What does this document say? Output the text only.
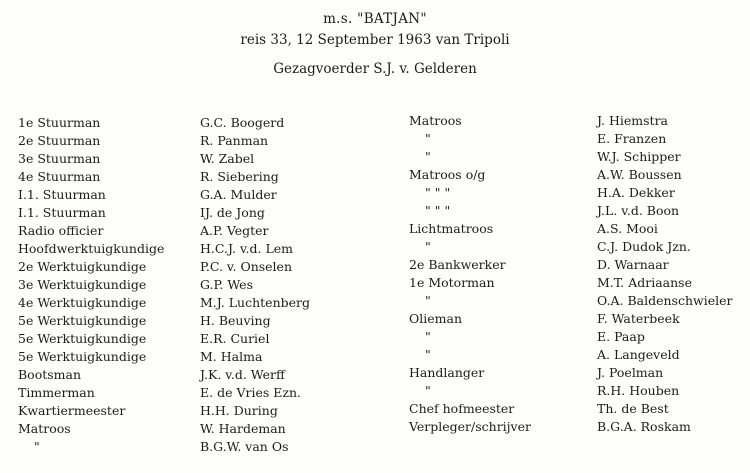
m.s. "BATJAN"
reis 33, 12 September 1963 van Tripoli
Gezagvoerder S.J. v. Gelderen
1e Stuurman
2e Stuurman
3e Stuurman
4e Stuurman
I.1. Stuurman
I.1. Stuurman
Radio officier
Hoofdwerktuigkundige
2e Werktuigkundige
3e Werktuigkundige
4e Werktuigkundige
5e Werktuigkundige
5e Werktuigkundige
5e Werktuigkundige
Bootsman
Timmerman
Kwartiermeester
Matroos
"
G.C. Boogerd
R. Panman
W. Zabel
R. Siebering
G.A. Mulder
IJ. de Jong
A.P. Vegter
H.C.J. v.d. Lem
P.C. v. Onselen
G.P. Wes
M.J. Luchtenberg
H. Beuving
E.R. Curiel
M. Halma
J.K. v.d. Werff
E. de Vries Ezn.
H.H. During
W. Hardeman
B.G.W. van Os
Matroos
"
"
Matroos o/g
" " "
" " "
Lichtmatroos
"
2e Bankwerker
1e Motorman
"
Olieman
"
"
Handlanger
"
Chef hofmeester
Verpleger/schrijver
J. Hiemstra
E. Franzen
W.J. Schipper
A.W. Boussen
H.A. Dekker
J.L. v.d. Boon
A.S. Mooi
C.J. Dudok Jzn.
D. Warnaar
M.T. Adriaanse
O.A. Baldenschwieler
F. Waterbeek
E. Paap
A. Langeveld
J. Poelman
R.H. Houben
Th. de Best
B.G.A. Roskam
